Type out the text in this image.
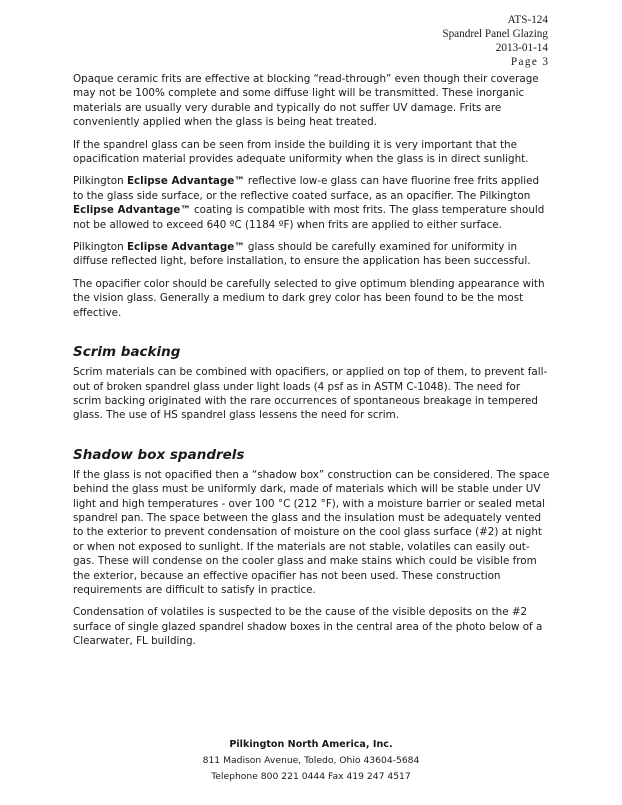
ATS-124
Spandrel Panel Glazing
2013-01-14
Page 3

Opaque ceramic frits are effective at blocking “read-through” even though their coverage may not be 100% complete and some diffuse light will be transmitted. These inorganic materials are usually very durable and typically do not suffer UV damage. Frits are conveniently applied when the glass is being heat treated.

If the spandrel glass can be seen from inside the building it is very important that the opacification material provides adequate uniformity when the glass is in direct sunlight.

Pilkington Eclipse Advantage™ reflective low-e glass can have fluorine free frits applied to the glass side surface, or the reflective coated surface, as an opacifier. The Pilkington Eclipse Advantage™ coating is compatible with most frits. The glass temperature should not be allowed to exceed 640 ºC (1184 ºF) when frits are applied to either surface.

Pilkington Eclipse Advantage™ glass should be carefully examined for uniformity in diffuse reflected light, before installation, to ensure the application has been successful.

The opacifier color should be carefully selected to give optimum blending appearance with the vision glass. Generally a medium to dark grey color has been found to be the most effective.

Scrim backing

Scrim materials can be combined with opacifiers, or applied on top of them, to prevent fall-out of broken spandrel glass under light loads (4 psf as in ASTM C-1048). The need for scrim backing originated with the rare occurrences of spontaneous breakage in tempered glass. The use of HS spandrel glass lessens the need for scrim.

Shadow box spandrels

If the glass is not opacified then a “shadow box” construction can be considered. The space behind the glass must be uniformly dark, made of materials which will be stable under UV light and high temperatures - over 100 °C (212 °F), with a moisture barrier or sealed metal spandrel pan. The space between the glass and the insulation must be adequately vented to the exterior to prevent condensation of moisture on the cool glass surface (#2) at night or when not exposed to sunlight. If the materials are not stable, volatiles can easily out-gas. These will condense on the cooler glass and make stains which could be visible from the exterior, because an effective opacifier has not been used. These construction requirements are difficult to satisfy in practice.

Condensation of volatiles is suspected to be the cause of the visible deposits on the #2 surface of single glazed spandrel shadow boxes in the central area of the photo below of a Clearwater, FL building.

Pilkington North America, Inc.
811 Madison Avenue, Toledo, Ohio 43604-5684
Telephone 800 221 0444 Fax 419 247 4517
